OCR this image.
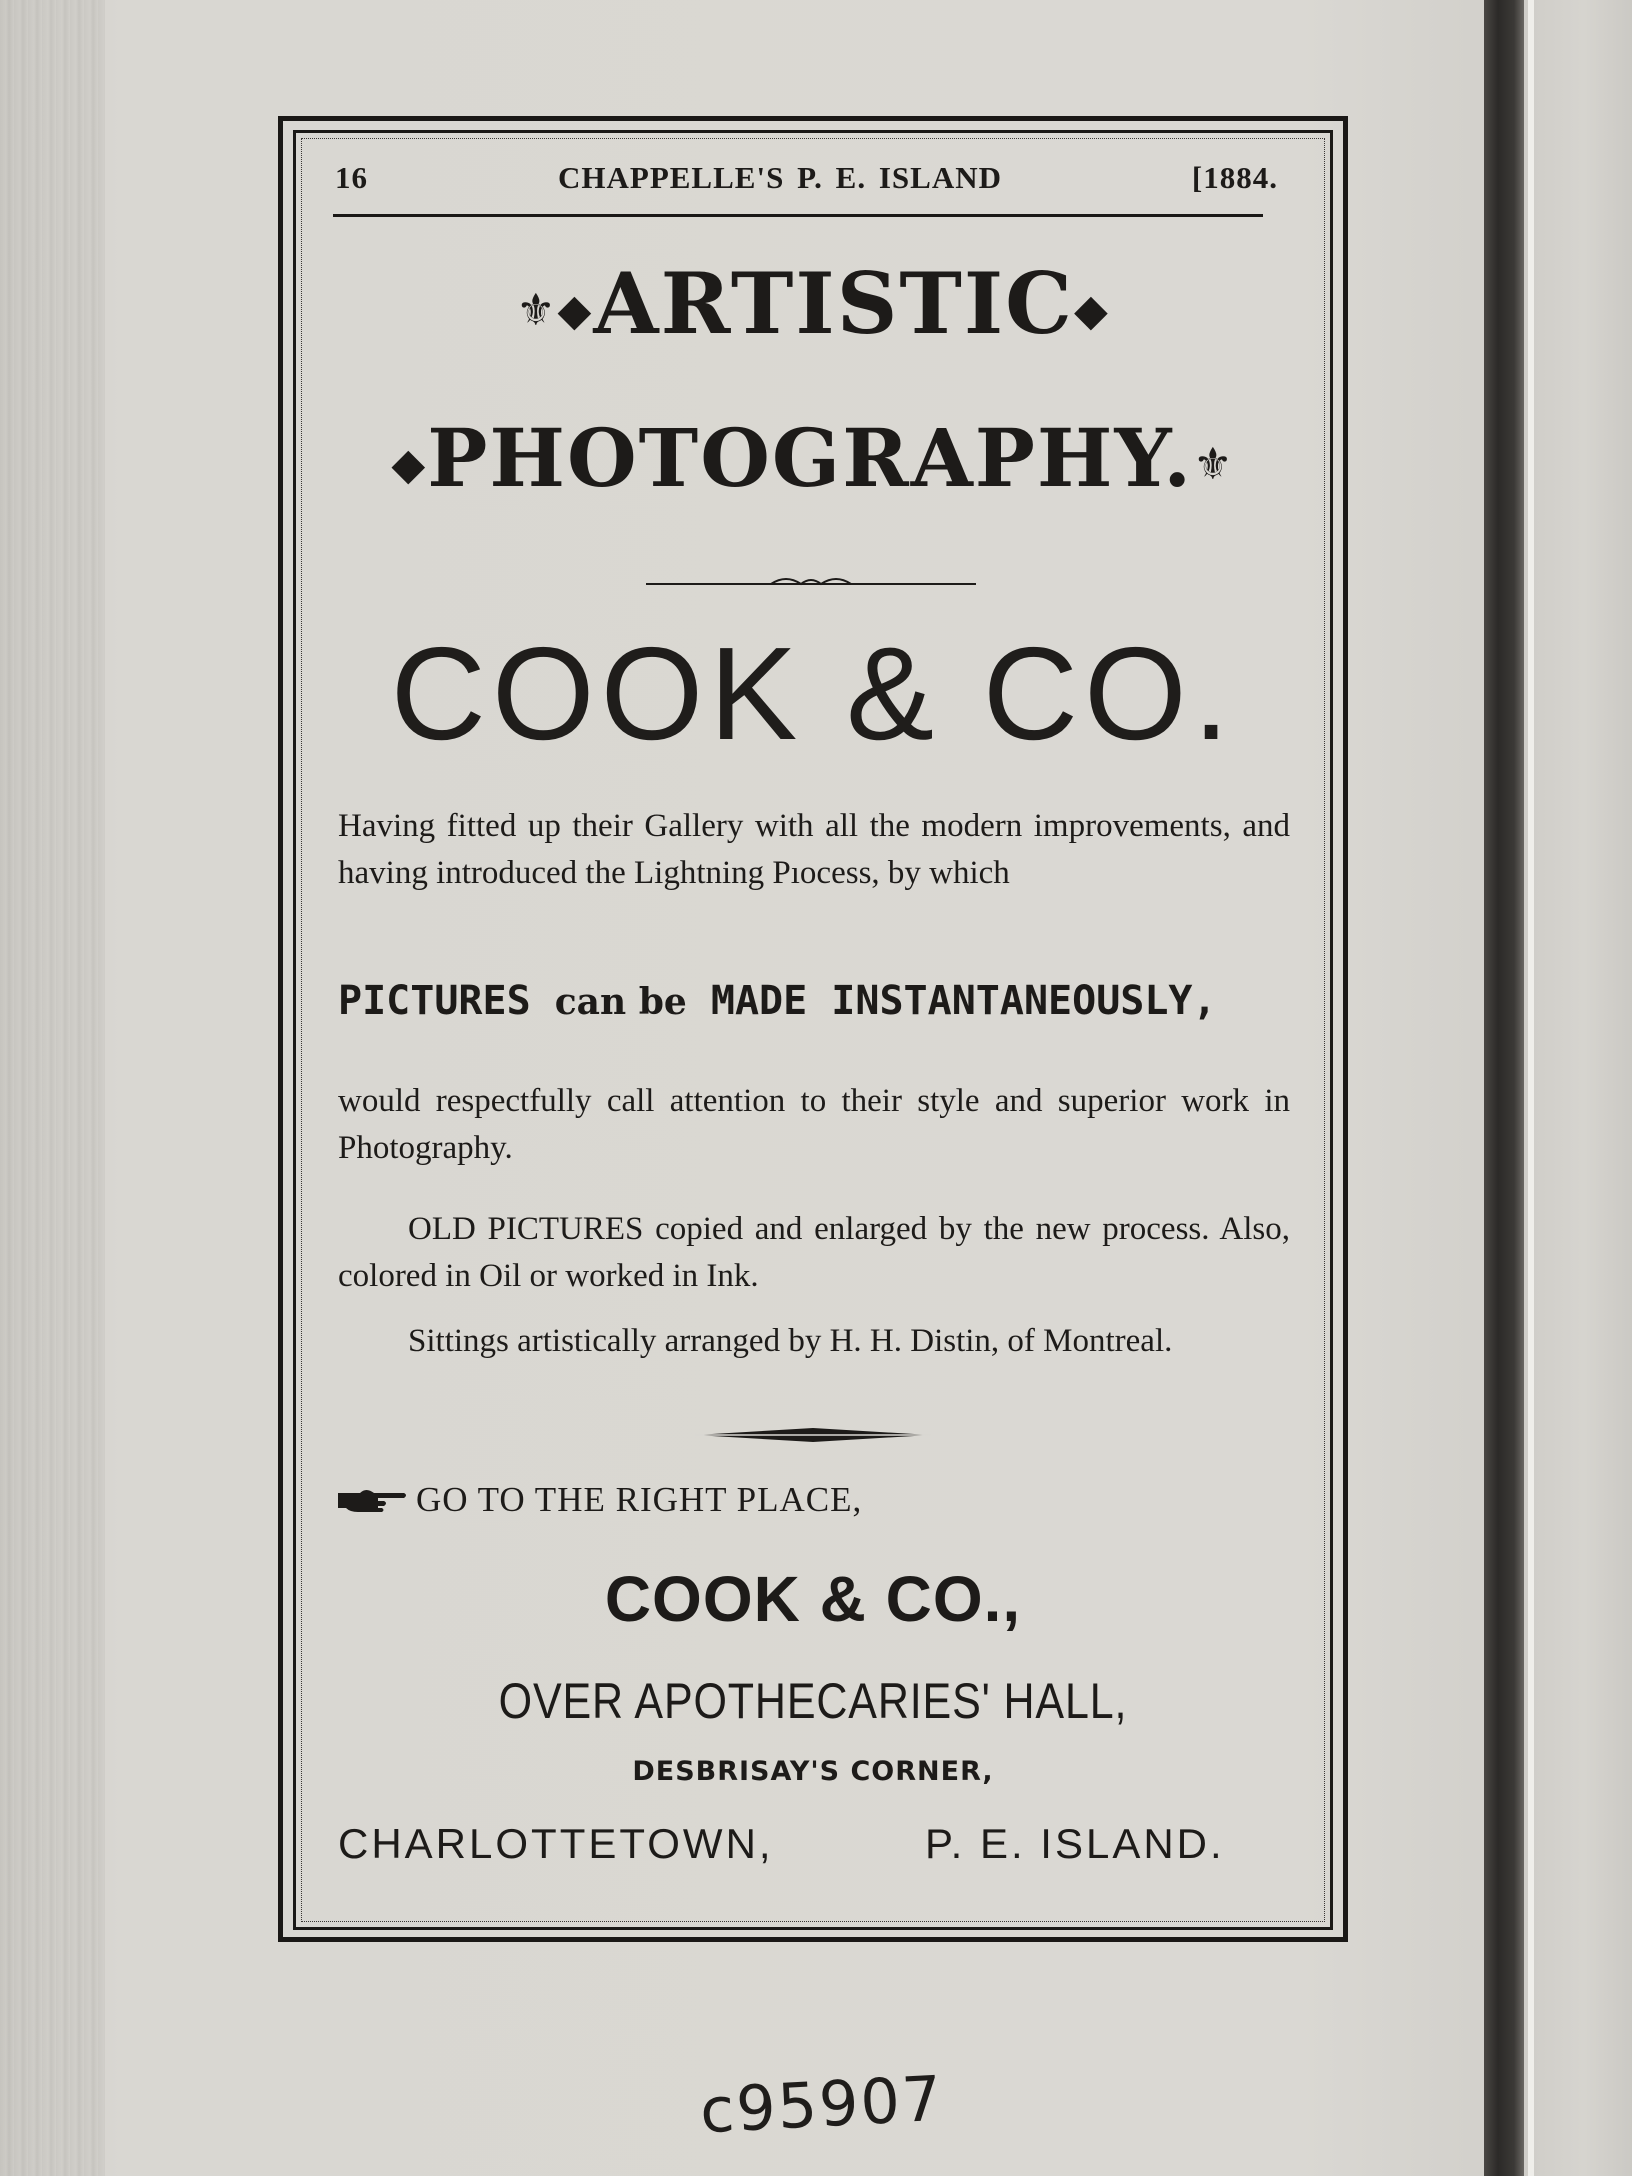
16	CHAPPELLE'S P. E. ISLAND	[1884.
⚜◆ARTISTIC◆
◆PHOTOGRAPHY.⚜
COOK & CO.
Having fitted up their Gallery with all the modern improvements, and having introduced the Lightning Pıocess, by which
PICTURES can be MADE INSTANTANEOUSLY,
would respectfully call attention to their style and superior work in Photography.
OLD PICTURES copied and enlarged by the new process. Also, colored in Oil or worked in Ink.
Sittings artistically arranged by H. H. Distin, of Montreal.
GO TO THE RIGHT PLACE,
COOK & CO.,
OVER APOTHECARIES' HALL,
DESBRISAY'S CORNER,
CHARLOTTETOWN,	P. E. ISLAND.
c95907
